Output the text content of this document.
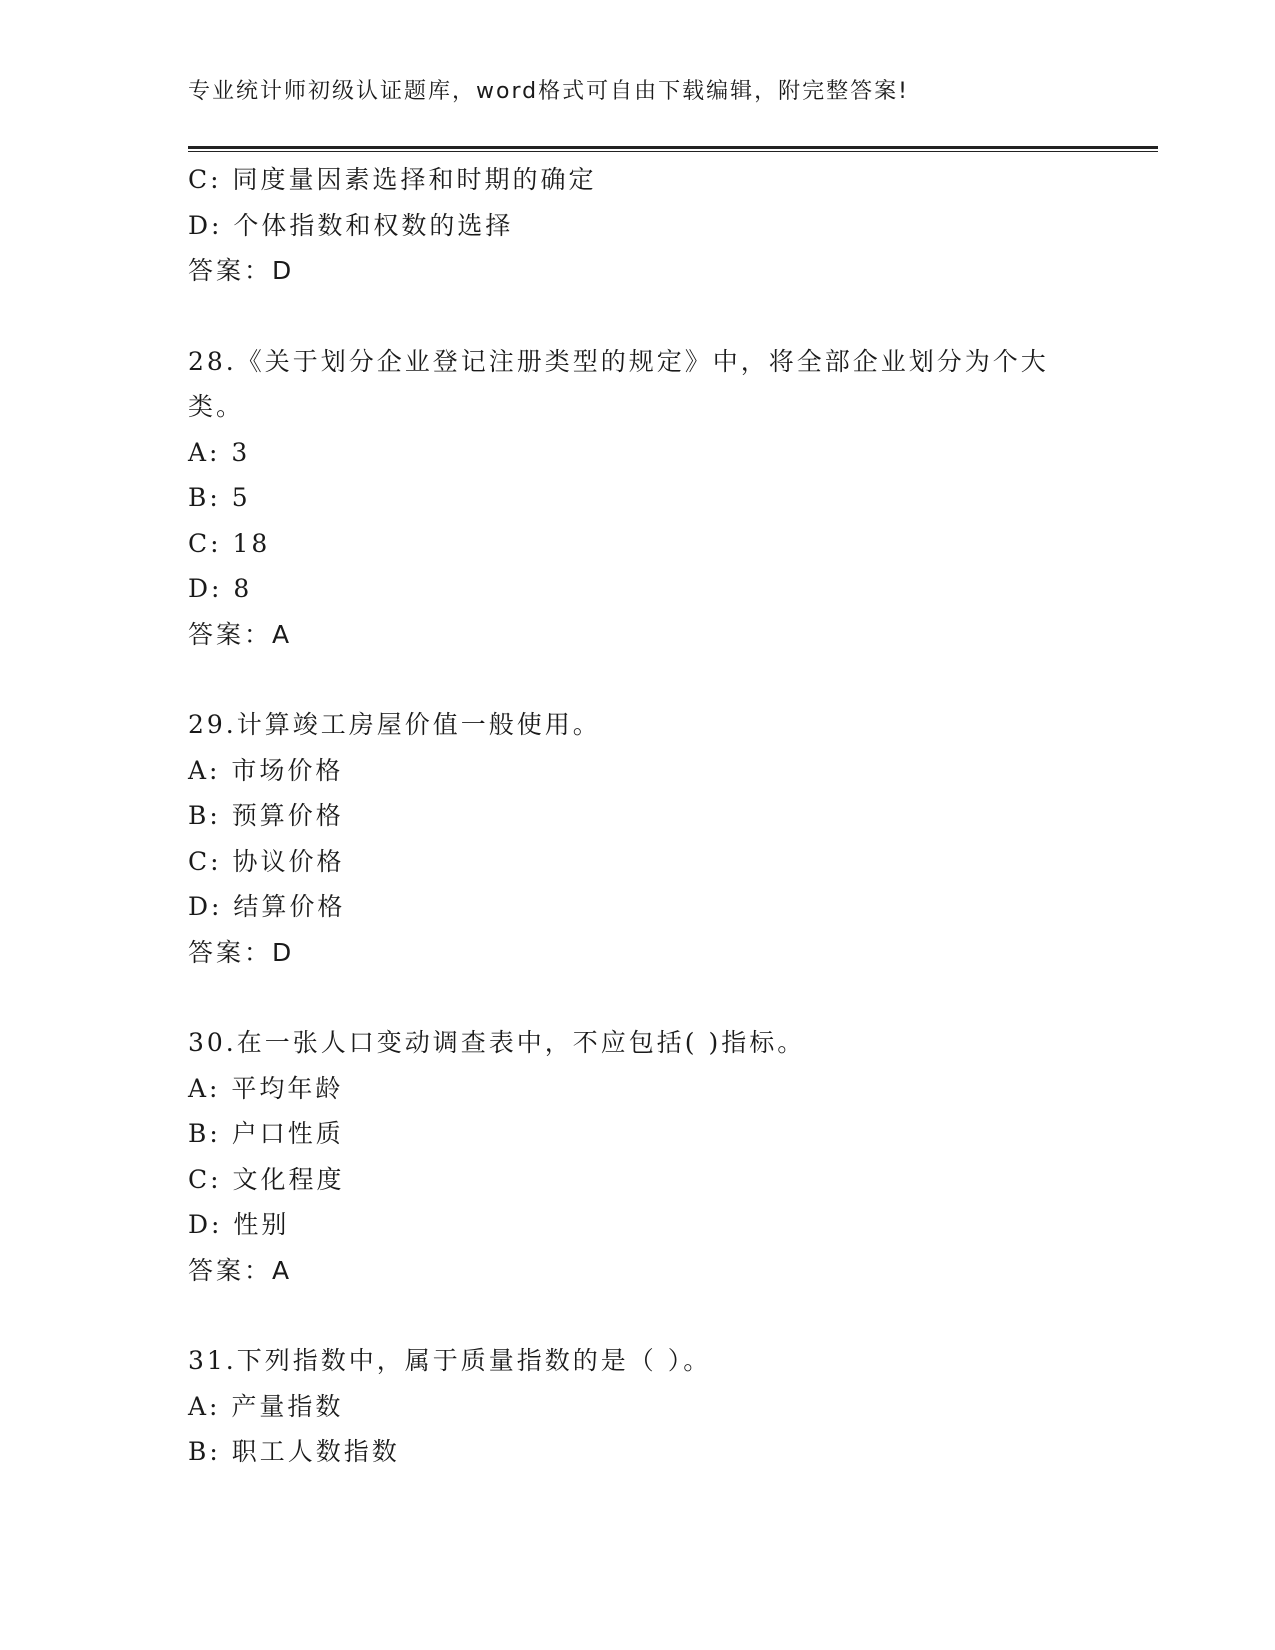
专业统计师初级认证题库，word格式可自由下载编辑，附完整答案!
C: 同度量因素选择和时期的确定
D: 个体指数和权数的选择
答案：D
28.《关于划分企业登记注册类型的规定》中，将全部企业划分为个大
类。
A: 3
B: 5
C: 18
D: 8
答案：A
29.计算竣工房屋价值一般使用。
A: 市场价格
B: 预算价格
C: 协议价格
D: 结算价格
答案：D
30.在一张人口变动调查表中，不应包括( )指标。
A: 平均年龄
B: 户口性质
C: 文化程度
D: 性别
答案：A
31.下列指数中，属于质量指数的是（ ）。
A: 产量指数
B: 职工人数指数
